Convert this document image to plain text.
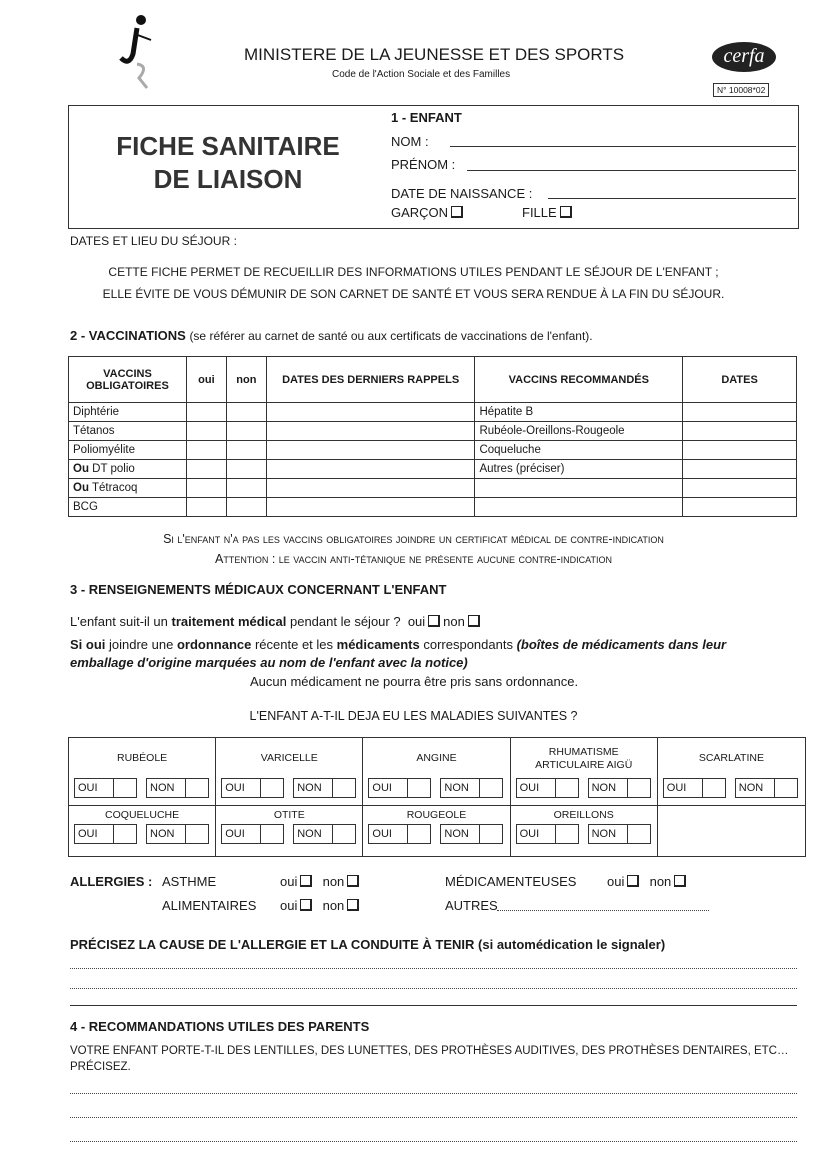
MINISTERE DE LA JEUNESSE ET DES SPORTS
Code de l'Action Sociale et des Familles
cerfa
N° 10008*02
FICHE SANITAIRE
DE LIAISON
1 - ENFANT
NOM :
PRÉNOM :
DATE DE NAISSANCE :
GARÇON	FILLE
DATES ET LIEU DU SÉJOUR :
CETTE FICHE PERMET DE RECUEILLIR DES INFORMATIONS UTILES PENDANT LE SÉJOUR DE L'ENFANT ;
ELLE ÉVITE DE VOUS DÉMUNIR DE SON CARNET DE SANTÉ ET VOUS SERA RENDUE À LA FIN DU SÉJOUR.
2 - VACCINATIONS (se référer au carnet de santé ou aux certificats de vaccinations de l'enfant).
VACCINS OBLIGATOIRES	oui	non	DATES DES DERNIERS RAPPELS	VACCINS RECOMMANDÉS	DATES
Diphtérie				Hépatite B	
Tétanos				Rubéole-Oreillons-Rougeole	
Poliomyélite				Coqueluche	
Ou DT polio				Autres (préciser)	
Ou Tétracoq					
BCG					
Si l'enfant n'a pas les vaccins obligatoires joindre un certificat médical de contre-indication
Attention : le vaccin anti-tétanique ne présente aucune contre-indication
3 - RENSEIGNEMENTS MÉDICAUX CONCERNANT L'ENFANT
L'enfant suit-il un traitement médical pendant le séjour ? oui non
Si oui joindre une ordonnance récente et les médicaments correspondants (boîtes de médicaments dans leur
emballage d'origine marquées au nom de l'enfant avec la notice)
Aucun médicament ne pourra être pris sans ordonnance.
L'ENFANT A-T-IL DEJA EU LES MALADIES SUIVANTES ?
RUBÉOLE
OUI	NON
VARICELLE
OUI	NON
ANGINE
OUI	NON
RHUMATISME ARTICULAIRE AIGÜ
OUI	NON
SCARLATINE
OUI	NON
COQUELUCHE
OUI	NON
OTITE
OUI	NON
ROUGEOLE
OUI	NON
OREILLONS
OUI	NON
ALLERGIES : ASTHME	oui non	MÉDICAMENTEUSES oui non
ALIMENTAIRES oui non	AUTRES
PRÉCISEZ LA CAUSE DE L'ALLERGIE ET LA CONDUITE À TENIR (si automédication le signaler)
4 - RECOMMANDATIONS UTILES DES PARENTS
VOTRE ENFANT PORTE-T-IL DES LENTILLES, DES LUNETTES, DES PROTHÈSES AUDITIVES, DES PROTHÈSES DENTAIRES, ETC…
PRÉCISEZ.
